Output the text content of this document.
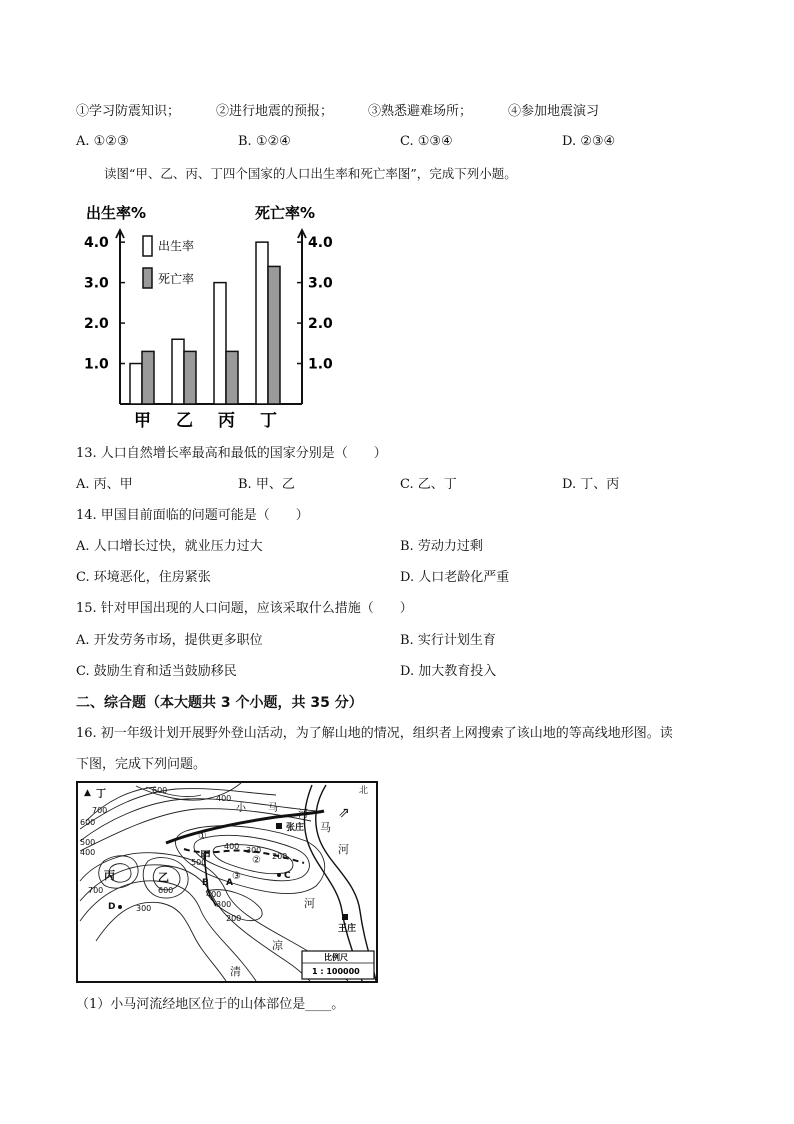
①学习防震知识；	②进行地震的预报；	③熟悉避难场所；	④参加地震演习
A. ①②③	B. ①②④	C. ①③④	D. ②③④
读图“甲、乙、丙、丁四个国家的人口出生率和死亡率图”，完成下列小题。
出生率%	死亡率%
1.0	1.0
2.0	2.0
3.0	3.0
4.0	4.0
甲 乙 丙 丁
出生率
死亡率
13. 人口自然增长率最高和最低的国家分别是（　　）
A. 丙、甲	B. 甲、乙	C. 乙、丁	D. 丁、丙
14. 甲国目前面临的问题可能是（　　）
A. 人口增长过快，就业压力过大	B. 劳动力过剩
C. 环境恶化，住房紧张	D. 人口老龄化严重
15. 针对甲国出现的人口问题，应该采取什么措施（　　）
A. 开发劳务市场，提供更多职位	B. 实行计划生育
C. 鼓励生育和适当鼓励移民	D. 加大教育投入
二、综合题（本大题共 3 个小题，共 35 分）
16. 初一年级计划开展野外登山活动，为了解山地的情况，组织者上网搜索了该山地的等高线地形图。读
下图，完成下列问题。
▲ 丁
丙	乙
甲
张庄
王庄
小 马
河
马
河
河
凉
清
北
⇗
A
B
C
D
①
②
③
600
500
400
700
600
400
500
400 300
200
700	600	400
300
200
300
比例尺
1 : 100000
（1）小马河流经地区位于的山体部位是____。
